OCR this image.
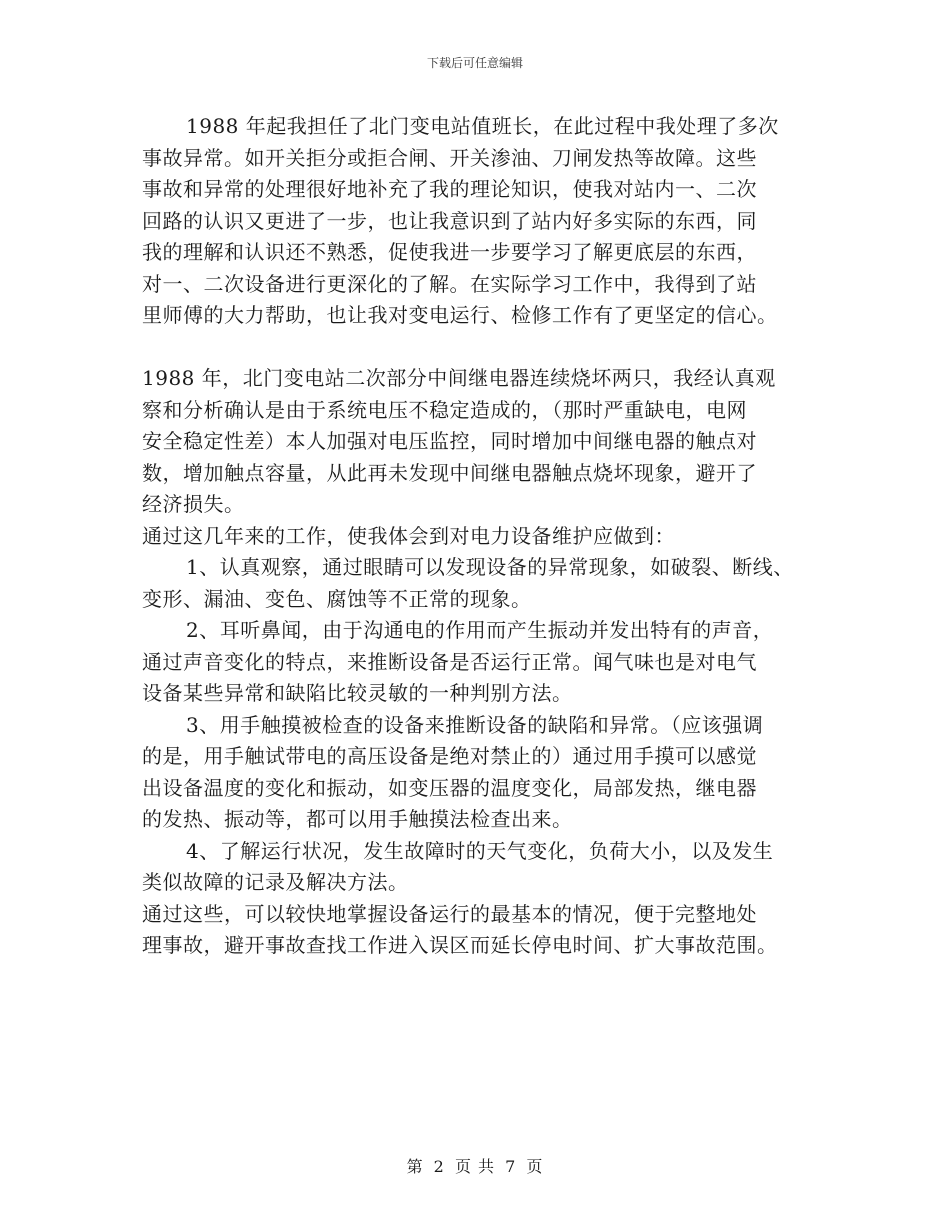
下载后可任意编辑
1988 年起我担任了北门变电站值班长，在此过程中我处理了多次
事故异常。如开关拒分或拒合闸、开关渗油、刀闸发热等故障。这些
事故和异常的处理很好地补充了我的理论知识，使我对站内一、二次
回路的认识又更进了一步，也让我意识到了站内好多实际的东西，同
我的理解和认识还不熟悉，促使我进一步要学习了解更底层的东西，
对一、二次设备进行更深化的了解。在实际学习工作中，我得到了站
里师傅的大力帮助，也让我对变电运行、检修工作有了更坚定的信心。
1988 年，北门变电站二次部分中间继电器连续烧坏两只，我经认真观
察和分析确认是由于系统电压不稳定造成的，（那时严重缺电，电网
安全稳定性差）本人加强对电压监控，同时增加中间继电器的触点对
数，增加触点容量，从此再未发现中间继电器触点烧坏现象，避开了
经济损失。
通过这几年来的工作，使我体会到对电力设备维护应做到：
1、认真观察，通过眼睛可以发现设备的异常现象，如破裂、断线、
变形、漏油、变色、腐蚀等不正常的现象。
2、耳听鼻闻，由于沟通电的作用而产生振动并发出特有的声音，
通过声音变化的特点，来推断设备是否运行正常。闻气味也是对电气
设备某些异常和缺陷比较灵敏的一种判别方法。
3、用手触摸被检查的设备来推断设备的缺陷和异常。（应该强调
的是，用手触试带电的高压设备是绝对禁止的）通过用手摸可以感觉
出设备温度的变化和振动，如变压器的温度变化，局部发热，继电器
的发热、振动等，都可以用手触摸法检查出来。
4、了解运行状况，发生故障时的天气变化，负荷大小，以及发生
类似故障的记录及解决方法。
通过这些，可以较快地掌握设备运行的最基本的情况，便于完整地处
理事故，避开事故查找工作进入误区而延长停电时间、扩大事故范围。
第 2 页 共 7 页
